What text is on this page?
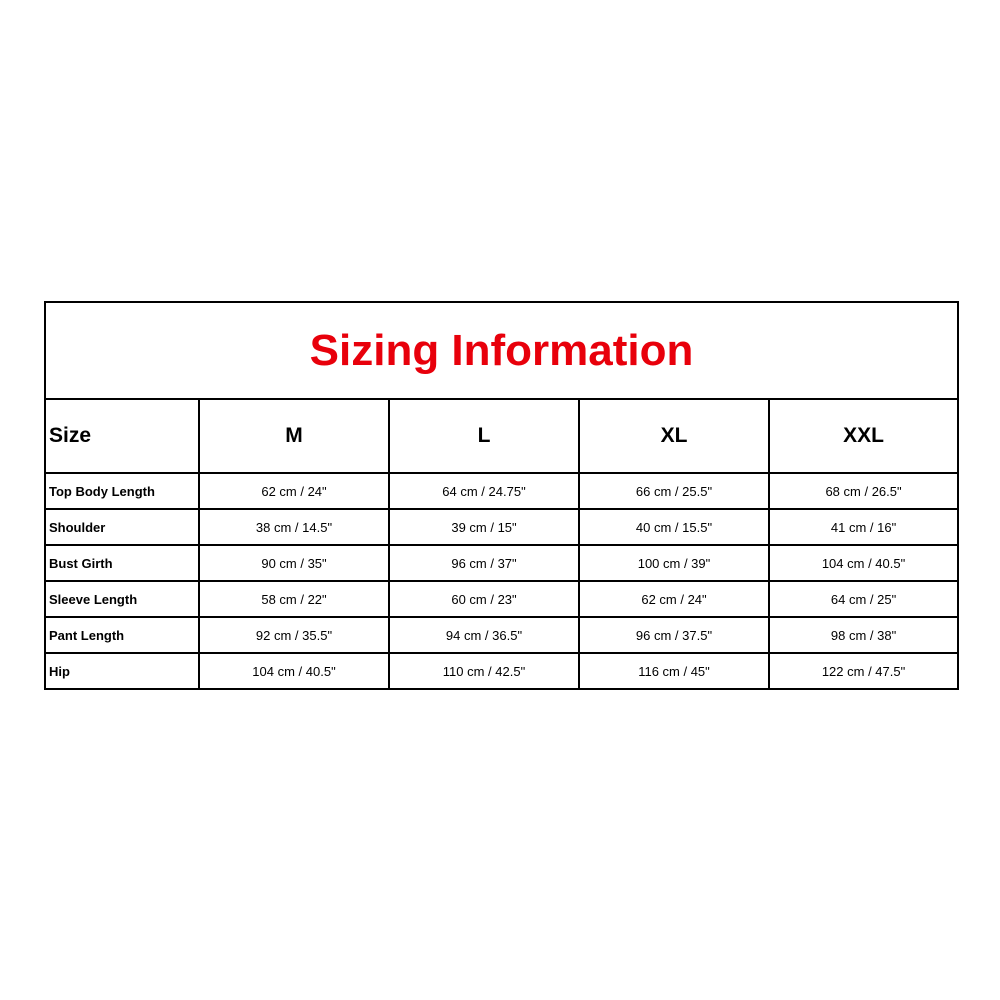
Sizing Information				
Size	M	L	XL	XXL
Top Body Length	62 cm / 24"	64 cm / 24.75"	66 cm / 25.5"	68 cm / 26.5"
Shoulder	38 cm / 14.5"	39 cm / 15"	40 cm / 15.5"	41 cm / 16"
Bust Girth	90 cm / 35"	96 cm / 37"	100 cm / 39"	104 cm / 40.5"
Sleeve Length	58 cm / 22"	60 cm / 23"	62 cm / 24"	64 cm / 25"
Pant Length	92 cm / 35.5"	94 cm / 36.5"	96 cm / 37.5"	98 cm / 38"
Hip	104 cm / 40.5"	110 cm / 42.5"	116 cm / 45"	122 cm / 47.5"
